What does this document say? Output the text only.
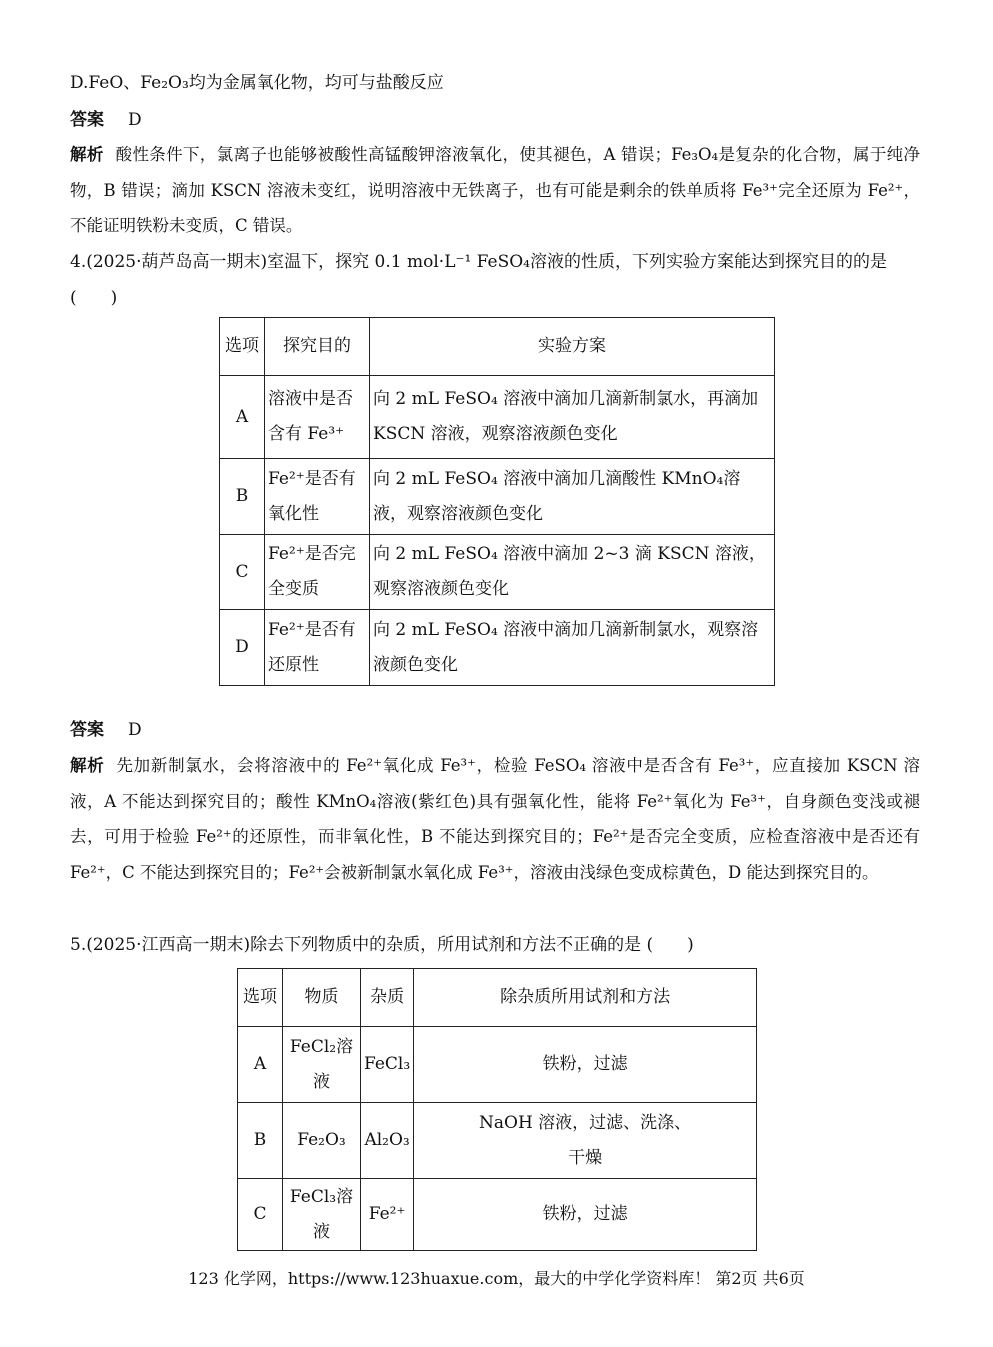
D.FeO、Fe₂O₃均为金属氧化物，均可与盐酸反应
答案 D
解析 酸性条件下，氯离子也能够被酸性高锰酸钾溶液氧化，使其褪色，A 错误；Fe₃O₄是复杂的化合物，属于纯净物，B 错误；滴加 KSCN 溶液未变红，说明溶液中无铁离子，也有可能是剩余的铁单质将 Fe³⁺完全还原为 Fe²⁺，不能证明铁粉未变质，C 错误。
4.(2025·葫芦岛高一期末)室温下，探究 0.1 mol·L⁻¹ FeSO₄溶液的性质，下列实验方案能达到探究目的的是
(　　)
选项	探究目的	实验方案
A	溶液中是否含有 Fe³⁺	向 2 mL FeSO₄ 溶液中滴加几滴新制氯水，再滴加 KSCN 溶液，观察溶液颜色变化
B	Fe²⁺是否有氧化性	向 2 mL FeSO₄ 溶液中滴加几滴酸性 KMnO₄溶液，观察溶液颜色变化
C	Fe²⁺是否完全变质	向 2 mL FeSO₄ 溶液中滴加 2~3 滴 KSCN 溶液，观察溶液颜色变化
D	Fe²⁺是否有还原性	向 2 mL FeSO₄ 溶液中滴加几滴新制氯水，观察溶液颜色变化
答案 D
解析 先加新制氯水，会将溶液中的 Fe²⁺氧化成 Fe³⁺，检验 FeSO₄ 溶液中是否含有 Fe³⁺，应直接加 KSCN 溶液，A 不能达到探究目的；酸性 KMnO₄溶液(紫红色)具有强氧化性，能将 Fe²⁺氧化为 Fe³⁺，自身颜色变浅或褪去，可用于检验 Fe²⁺的还原性，而非氧化性，B 不能达到探究目的；Fe²⁺是否完全变质，应检查溶液中是否还有 Fe²⁺，C 不能达到探究目的；Fe²⁺会被新制氯水氧化成 Fe³⁺，溶液由浅绿色变成棕黄色，D 能达到探究目的。
5.(2025·江西高一期末)除去下列物质中的杂质，所用试剂和方法不正确的是 (　　)
选项	物质	杂质	除杂质所用试剂和方法
A	FeCl₂溶液	FeCl₃	铁粉，过滤
B	Fe₂O₃	Al₂O₃	NaOH 溶液，过滤、洗涤、干燥
C	FeCl₃溶液	Fe²⁺	铁粉，过滤
123 化学网，https://www.123huaxue.com，最大的中学化学资料库！ 第2页 共6页
